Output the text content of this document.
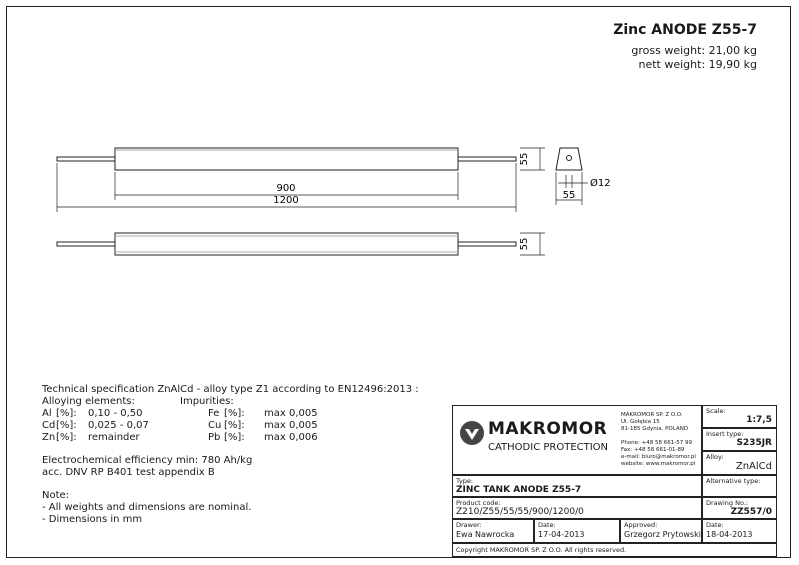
Zinc ANODE Z55-7
gross weight: 21,00 kg
nett weight: 19,90 kg
55
900
1200
Ø12
55
55
Technical specification ZnAlCd - alloy type Z1 according to EN12496:2013 :
Alloying elements:	Impurities:
Al [%]: 0,10 - 0,50
Cd [%]: 0,025 - 0,07
Zn [%]: remainder
Fe [%]: max 0,005
Cu [%]: max 0,005
Pb [%]: max 0,006
Electrochemical efficiency min: 780 Ah/kg
acc. DNV RP B401 test appendix B
Note:
- All weights and dimensions are nominal.
- Dimensions in mm
MAKROMOR
CATHODIC PROTECTION
MAKROMOR SP. Z O.O.
Ul. Gołębia 15
81-185 Gdynia, POLAND
Phone: +48 58 661-57 99
Fax: +48 58 661-01-89
e-mail: biuro@makromor.pl
website: www.makromor.pl
Scale:
1:7,5
Insert type:
S235JR
Alloy:
ZnAlCd
Type:
ZINC TANK ANODE Z55-7
Alternative type:
Product code:
Z210/Z55/55/55/900/1200/0
Drawing No.:
ZZ557/0
Drawer:
Ewa Nawrocka
Date:
17-04-2013
Approved:
Grzegorz Prytowski
Date:
18-04-2013
Copyright MAKROMOR SP. Z O.O. All rights reserved.
